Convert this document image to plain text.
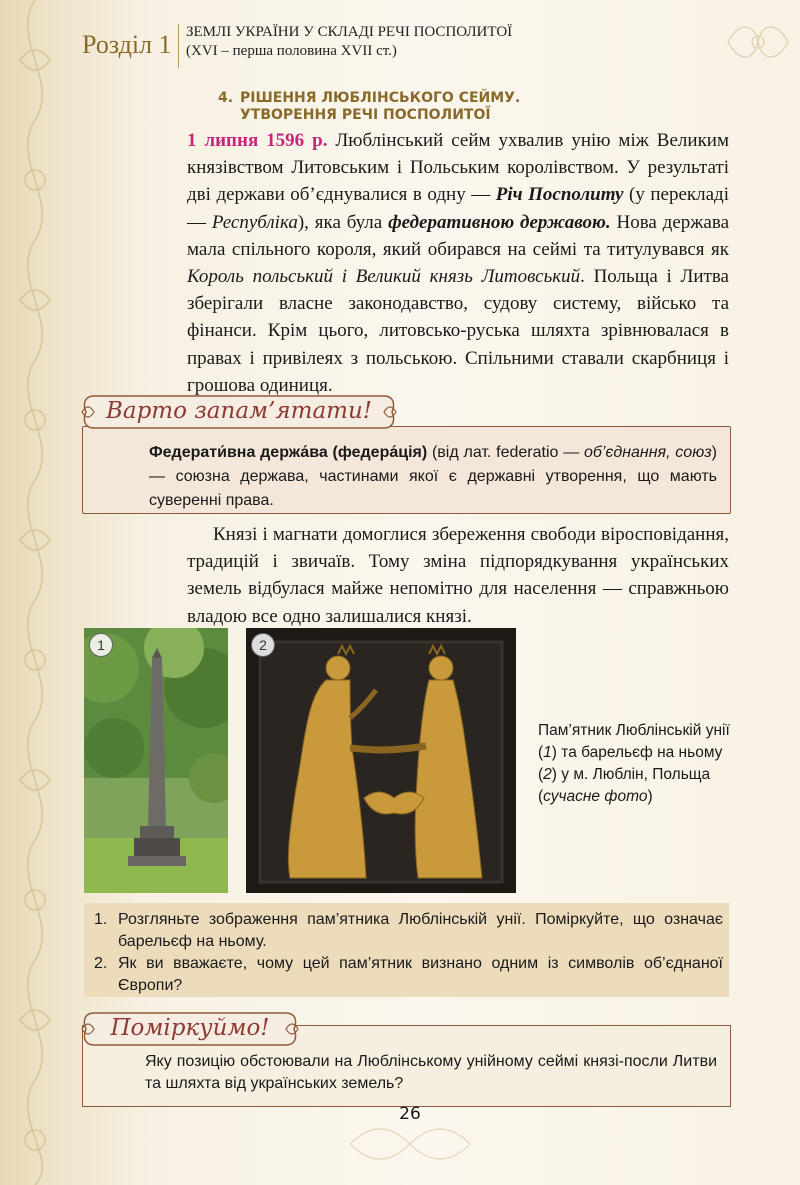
Розділ 1 ЗЕМЛІ УКРАЇНИ У СКЛАДІ РЕЧІ ПОСПОЛИТОЇ
(XVI – перша половина XVII ст.)
4. РІШЕННЯ ЛЮБЛІНСЬКОГО СЕЙМУ.
УТВОРЕННЯ РЕЧІ ПОСПОЛИТОЇ
1 липня 1596 р. Люблінський сейм ухвалив унію між Великим князівством Литовським і Польським королівством. У результаті дві держави об’єднувалися в одну — Річ Посполиту (у перекладі — Республіка), яка була федеративною державою. Нова держава мала спільного короля, який обирався на сеймі та титулувався як Король польський і Великий князь Литовський. Польща і Литва зберігали власне законодавство, судову систему, військо та фінанси. Крім цього, литовсько-руська шляхта зрівнювалася в правах і привілеях з польською. Спільними ставали скарбниця і грошова одиниця.
Федерати́вна держа́ва (федера́ція) (від лат. federatio — об’єднання, союз) — союзна держава, частинами якої є державні утворення, що мають суверенні права.
Варто запам’ятати!
Князі і магнати домоглися збереження свободи віросповідання, традицій і звичаїв. Тому зміна підпорядкування українських земель відбулася майже непомітно для населення — справжньою владою все одно залишалися князі.
1	2
Пам’ятник Люблінській унії (1) та барельєф на ньому (2) у м. Люблін, Польща (сучасне фото)
1. Розгляньте зображення пам’ятника Люблінській унії. Поміркуйте, що означає барельєф на ньому.
2. Як ви вважаєте, чому цей пам’ятник визнано одним із символів об’єднаної Європи?
Яку позицію обстоювали на Люблінському унійному сеймі князі-посли Литви та шляхта від українських земель?
Поміркуймо!
26
